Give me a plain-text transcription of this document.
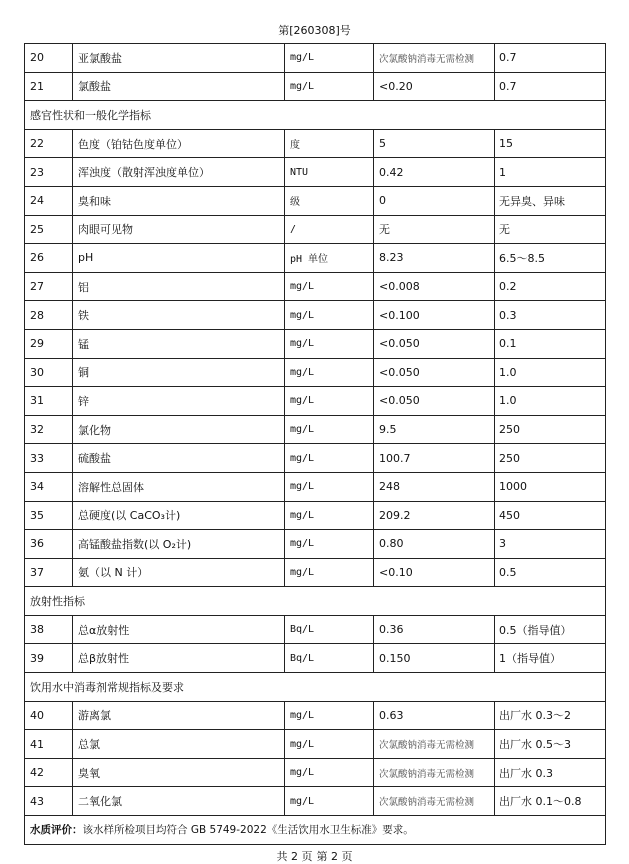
第[260308]号
20	亚氯酸盐	mg/L	次氯酸钠消毒无需检测	0.7
21	氯酸盐	mg/L	<0.20	0.7
感官性状和一般化学指标				
22	色度（铂钴色度单位）	度	5	15
23	浑浊度（散射浑浊度单位）	NTU	0.42	1
24	臭和味	级	0	无异臭、异味
25	肉眼可见物	/	无	无
26	pH	pH 单位	8.23	6.5～8.5
27	铝	mg/L	<0.008	0.2
28	铁	mg/L	<0.100	0.3
29	锰	mg/L	<0.050	0.1
30	铜	mg/L	<0.050	1.0
31	锌	mg/L	<0.050	1.0
32	氯化物	mg/L	9.5	250
33	硫酸盐	mg/L	100.7	250
34	溶解性总固体	mg/L	248	1000
35	总硬度(以 CaCO₃计)	mg/L	209.2	450
36	高锰酸盐指数(以 O₂计)	mg/L	0.80	3
37	氨（以 N 计）	mg/L	<0.10	0.5
放射性指标				
38	总α放射性	Bq/L	0.36	0.5（指导值）
39	总β放射性	Bq/L	0.150	1（指导值）
饮用水中消毒剂常规指标及要求				
40	游离氯	mg/L	0.63	出厂水 0.3～2
41	总氯	mg/L	次氯酸钠消毒无需检测	出厂水 0.5～3
42	臭氧	mg/L	次氯酸钠消毒无需检测	出厂水 0.3
43	二氧化氯	mg/L	次氯酸钠消毒无需检测	出厂水 0.1～0.8
水质评价：该水样所检项目均符合 GB 5749-2022《生活饮用水卫生标准》要求。				
共 2 页 第 2 页
